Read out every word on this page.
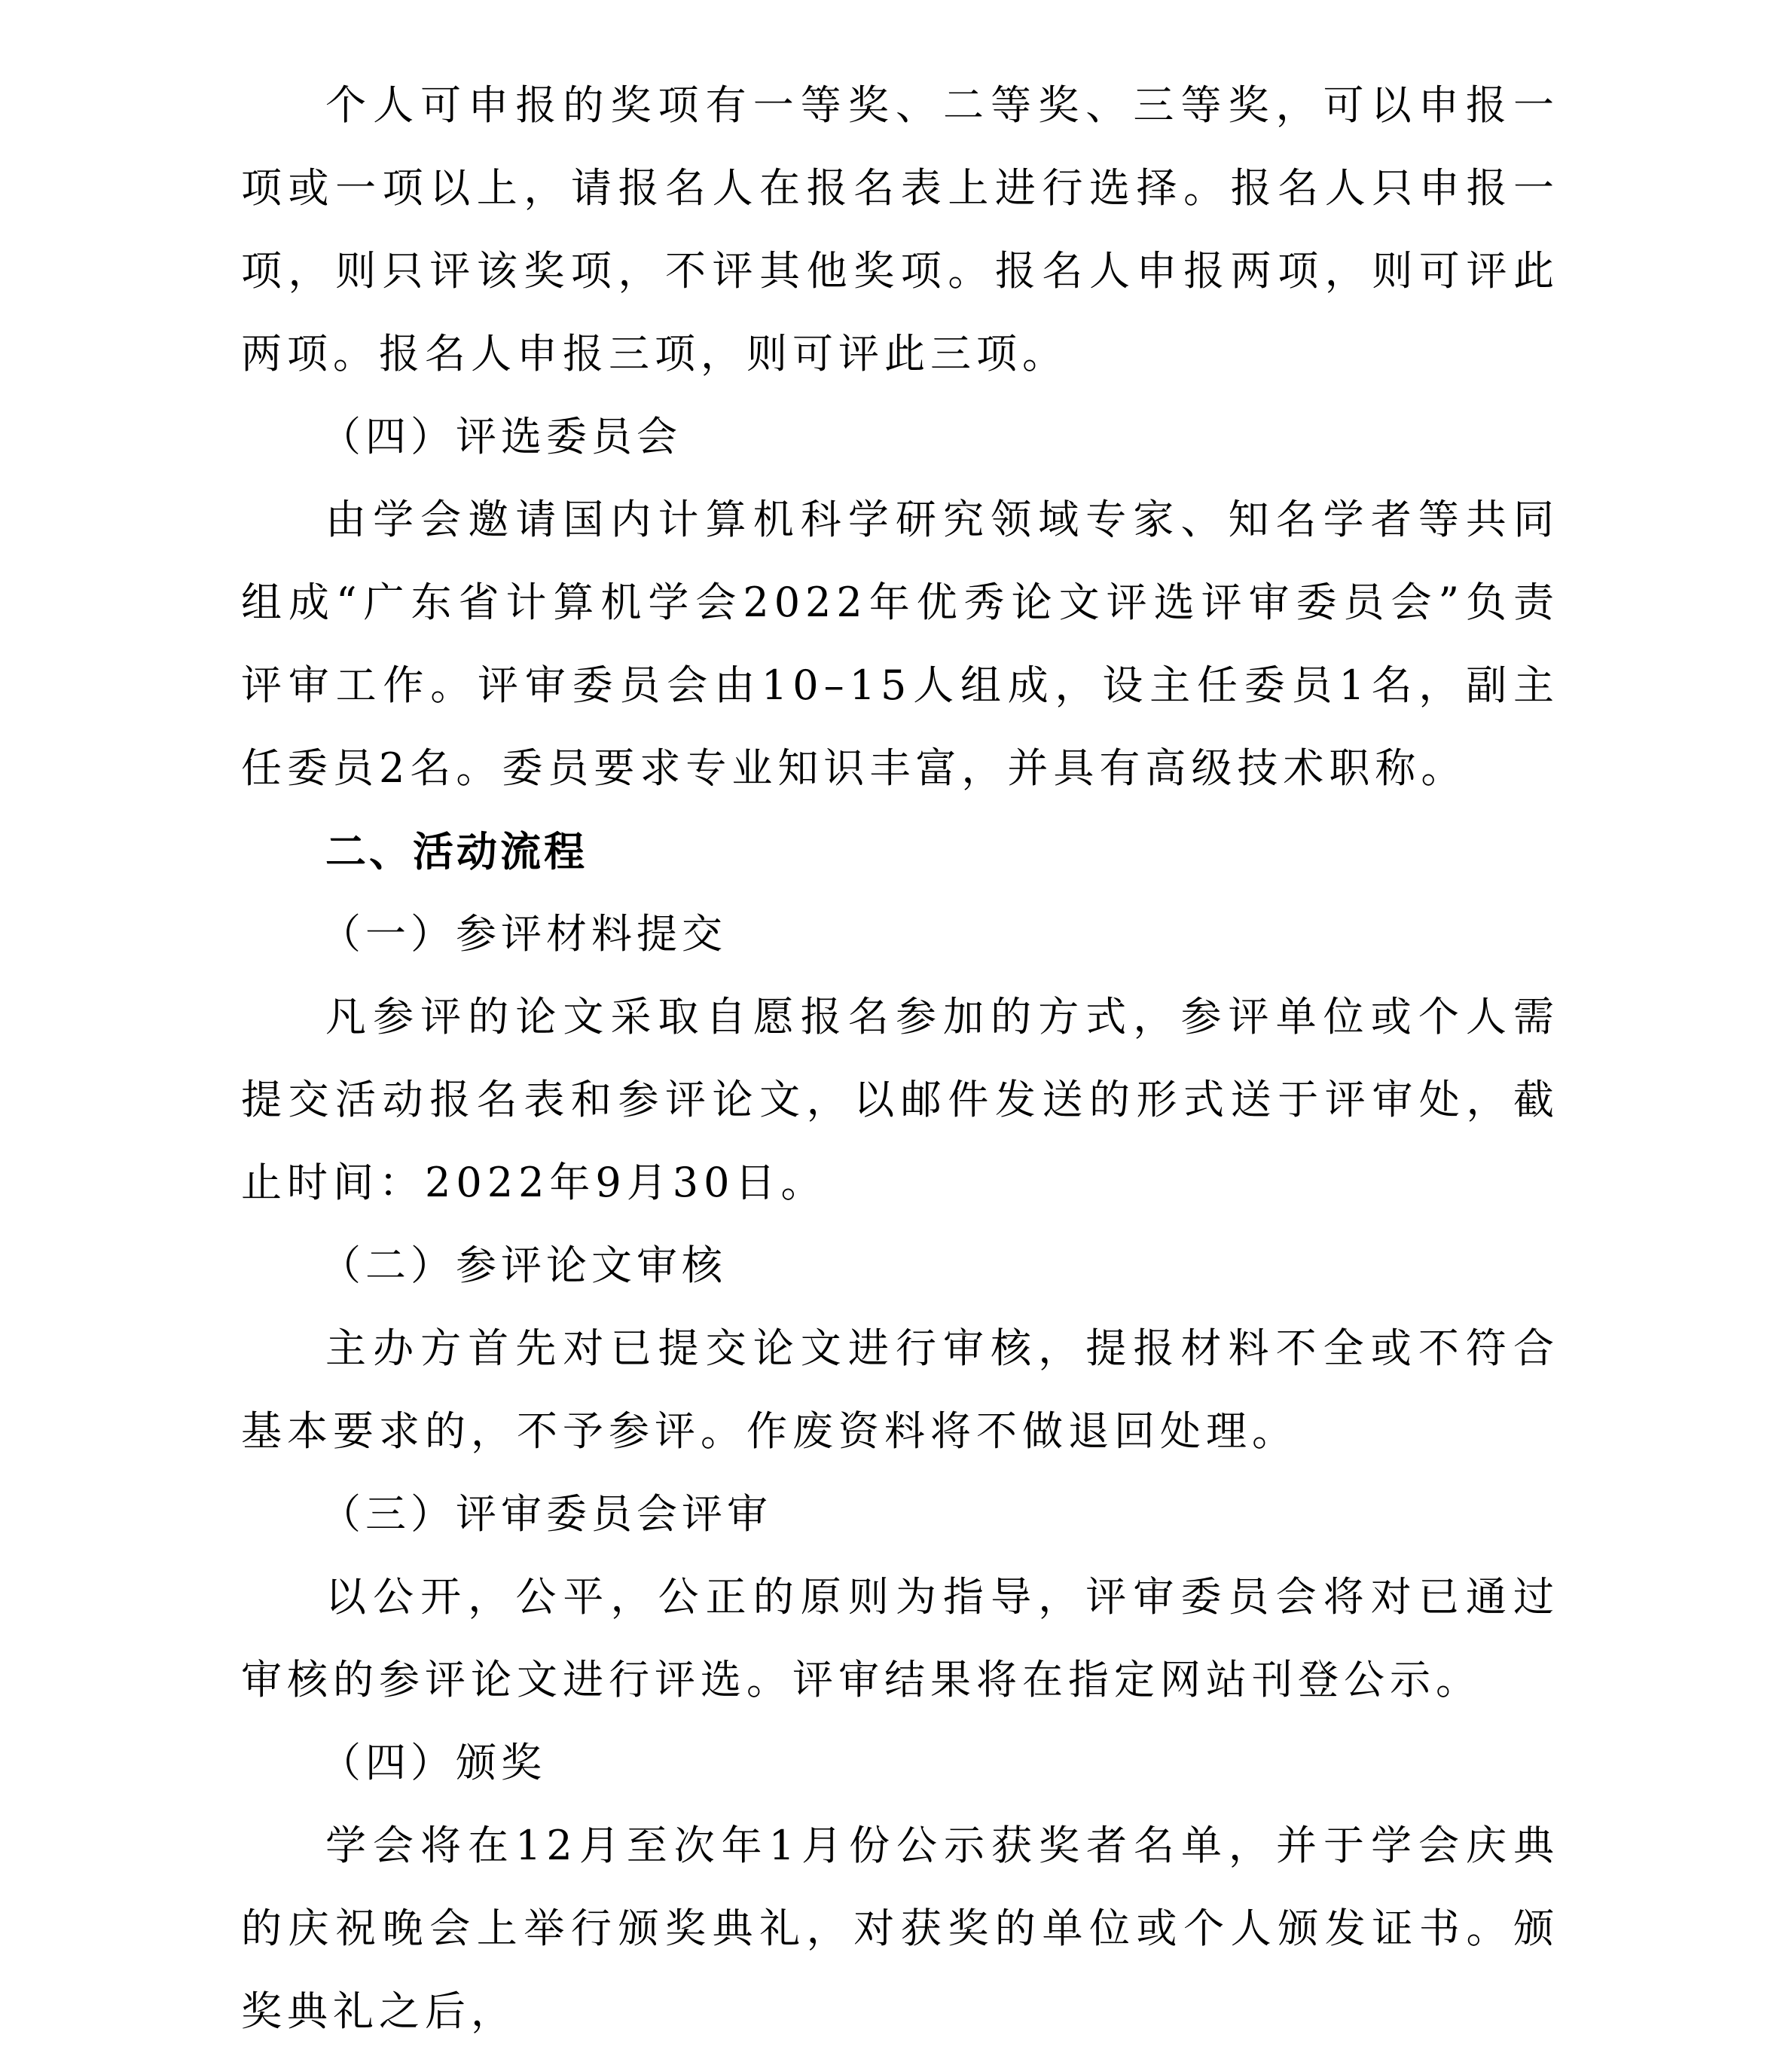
个人可申报的奖项有一等奖、二等奖、三等奖，可以申报一项或一项以上，请报名人在报名表上进行选择。报名人只申报一项，则只评该奖项，不评其他奖项。报名人申报两项，则可评此两项。报名人申报三项，则可评此三项。

（四）评选委员会

由学会邀请国内计算机科学研究领域专家、知名学者等共同组成“广东省计算机学会2022年优秀论文评选评审委员会”负责评审工作。评审委员会由10–15人组成，设主任委员1名，副主任委员2名。委员要求专业知识丰富，并具有高级技术职称。

二、活动流程

（一）参评材料提交

凡参评的论文采取自愿报名参加的方式，参评单位或个人需提交活动报名表和参评论文，以邮件发送的形式送于评审处，截止时间：2022年9月30日。

（二）参评论文审核

主办方首先对已提交论文进行审核，提报材料不全或不符合基本要求的，不予参评。作废资料将不做退回处理。

（三）评审委员会评审

以公开，公平，公正的原则为指导，评审委员会将对已通过审核的参评论文进行评选。评审结果将在指定网站刊登公示。

（四）颁奖

学会将在12月至次年1月份公示获奖者名单，并于学会庆典的庆祝晚会上举行颁奖典礼，对获奖的单位或个人颁发证书。颁奖典礼之后，
